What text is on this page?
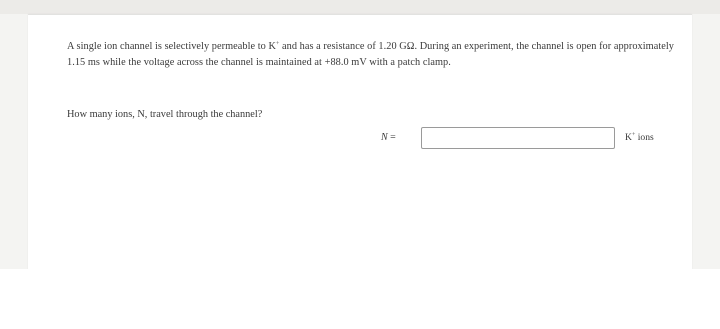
A single ion channel is selectively permeable to K+ and has a resistance of 1.20 GΩ. During an experiment, the channel is open for approximately 1.15 ms while the voltage across the channel is maintained at +88.0 mV with a patch clamp.

How many ions, N, travel through the channel?

N =	K+ ions
